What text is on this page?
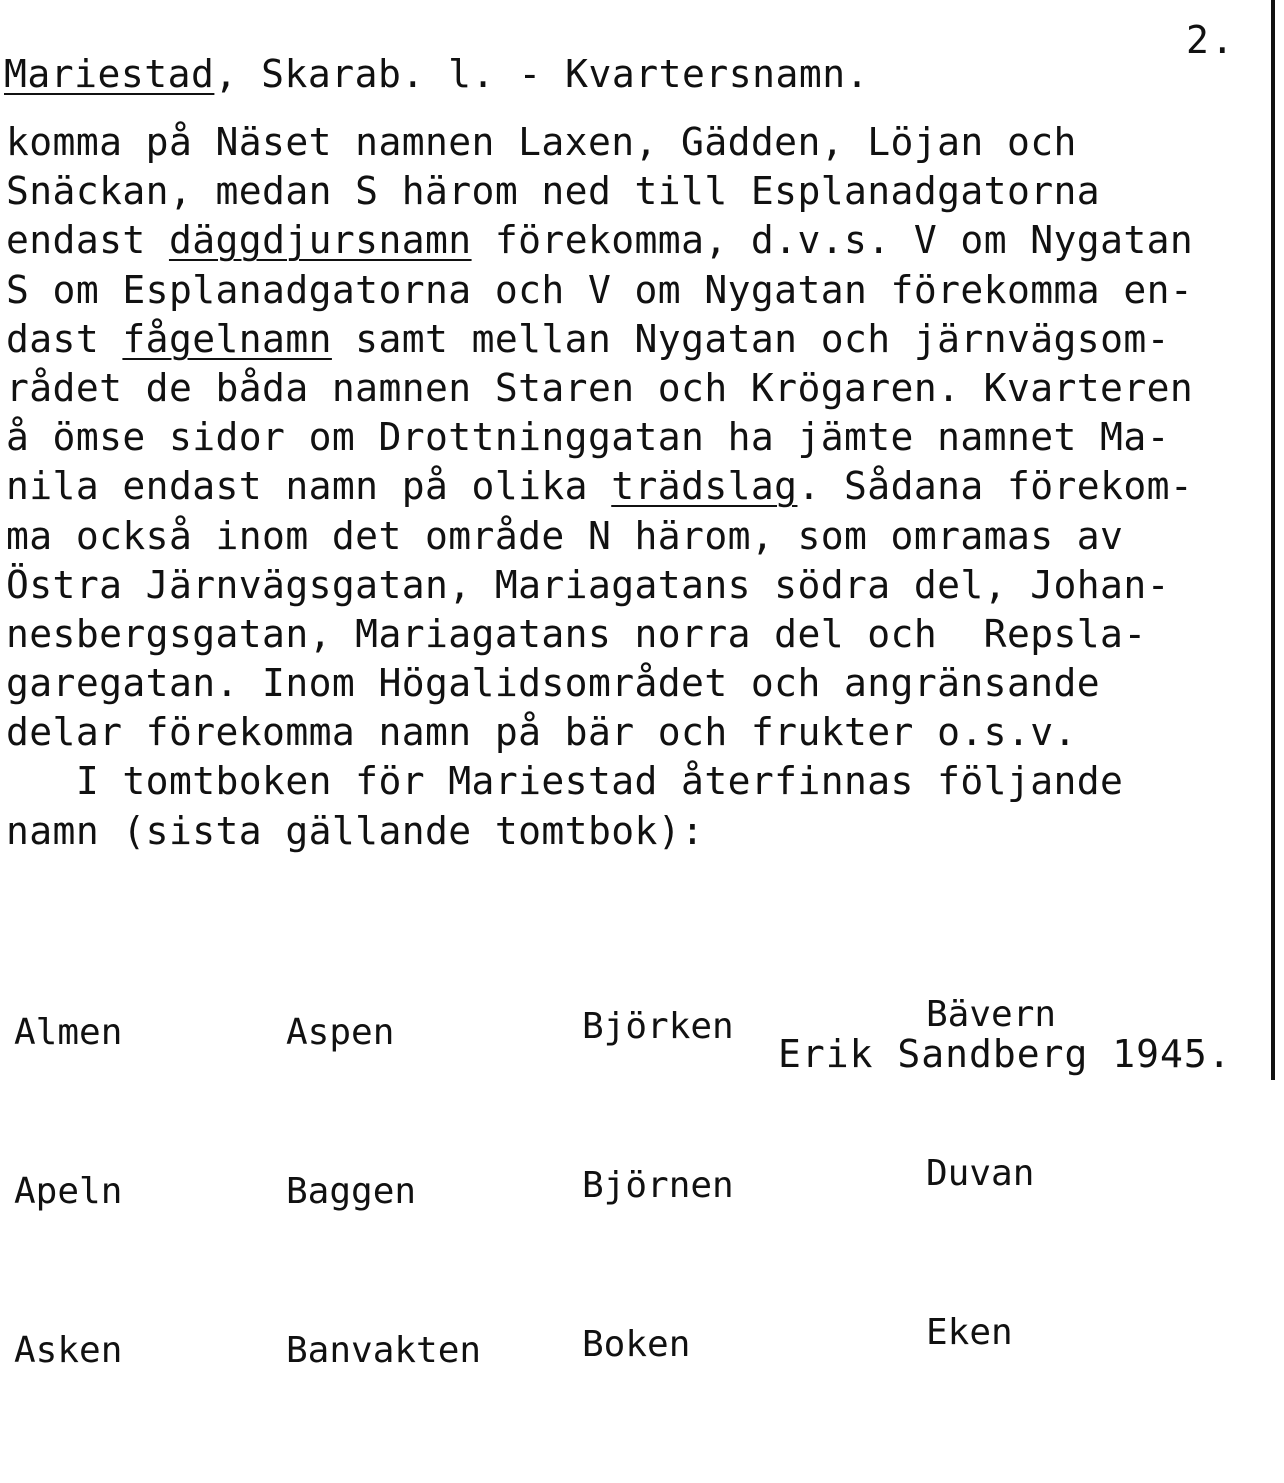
2.
Mariestad, Skarab. l. - Kvartersnamn.
komma på Näset namnen Laxen, Gädden, Löjan och
Snäckan, medan S härom ned till Esplanadgatorna
endast däggdjursnamn förekomma, d.v.s. V om Nygatan
S om Esplanadgatorna och V om Nygatan förekomma en-
dast fågelnamn samt mellan Nygatan och järnvägsom-
rådet de båda namnen Staren och Krögaren. Kvarteren
å ömse sidor om Drottninggatan ha jämte namnet Ma-
nila endast namn på olika trädslag. Sådana förekom-
ma också inom det område N härom, som omramas av
Östra Järnvägsgatan, Mariagatans södra del, Johan-
nesbergsgatan, Mariagatans norra del och  Repsla-
garegatan. Inom Högalidsområdet och angränsande
delar förekomma namn på bär och frukter o.s.v.
I tomtboken för Mariestad återfinnas följande
namn (sista gällande tomtbok):

Almen

Apeln

Asken

Aspen

Baggen

Banvakten

Björken

Björnen

Boken

Bävern

Duvan

Eken

Erik Sandberg 1945.
